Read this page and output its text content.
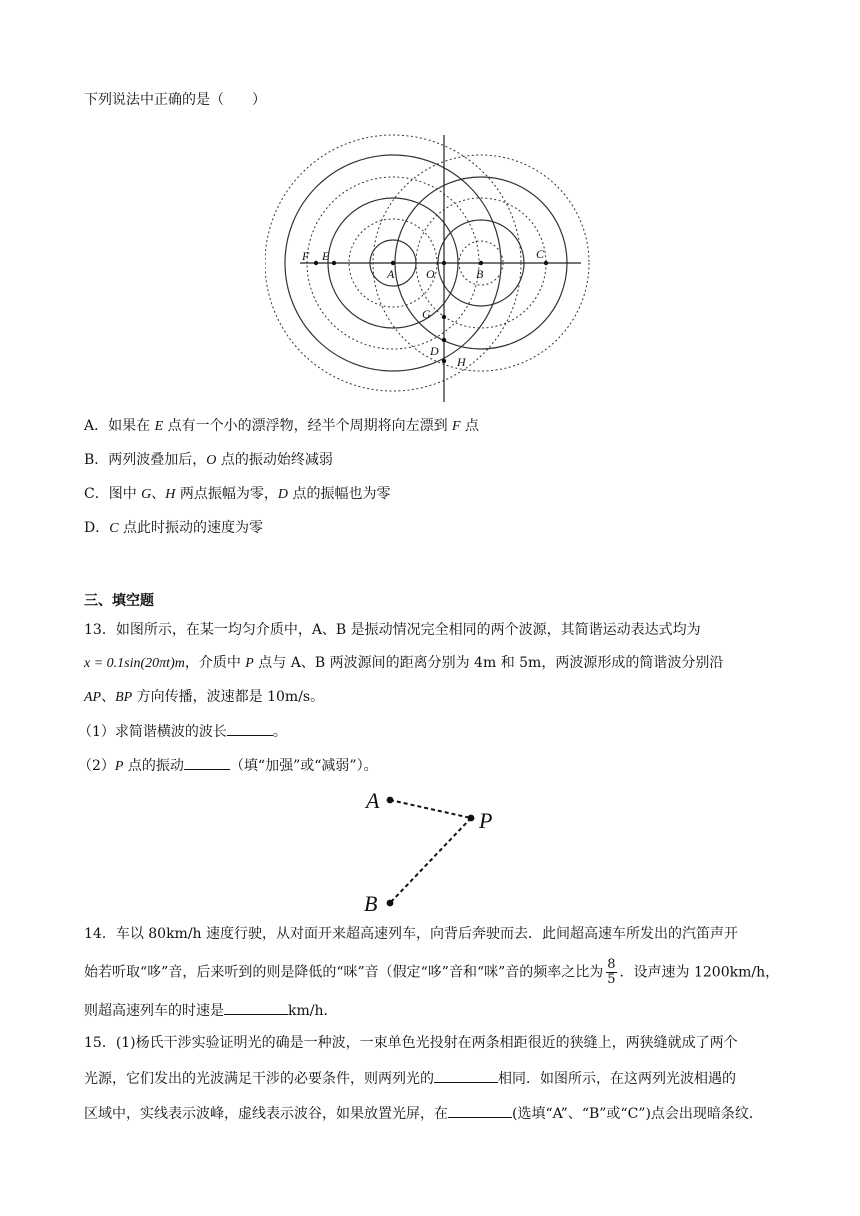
下列说法中正确的是（　　）
F E
A	O	B
C
G
D
H
A．如果在 E 点有一个小的漂浮物，经半个周期将向左漂到 F 点
B．两列波叠加后，O 点的振动始终减弱
C．图中 G、H 两点振幅为零，D 点的振幅也为零
D．C 点此时振动的速度为零
三、填空题
13．如图所示，在某一均匀介质中，A、B 是振动情况完全相同的两个波源，其简谐运动表达式均为
x = 0.1sin(20πt)m，介质中 P 点与 A、B 两波源间的距离分别为 4m 和 5m，两波源形成的简谐波分别沿
AP、BP 方向传播，波速都是 10m/s。
（1）求简谐横波的波长	。
（2）P 点的振动	（填“加强”或“减弱”）。
A
P
B
14．车以 80km/h 速度行驶，从对面开来超高速列车，向背后奔驶而去．此间超高速车所发出的汽笛声开
始若听取“哆”音，后来听到的则是降低的“咪”音（假定“哆”音和“咪”音的频率之比为 $\frac{8}{5}$ ．设声速为 1200km/h，
则超高速列车的时速是	km/h．
15．(1)杨氏干涉实验证明光的确是一种波，一束单色光投射在两条相距很近的狭缝上，两狭缝就成了两个
光源，它们发出的光波满足干涉的必要条件，则两列光的	相同．如图所示，在这两列光波相遇的
区域中，实线表示波峰，虚线表示波谷，如果放置光屏，在	(选填“A”、“B”或“C”)点会出现暗条纹．
